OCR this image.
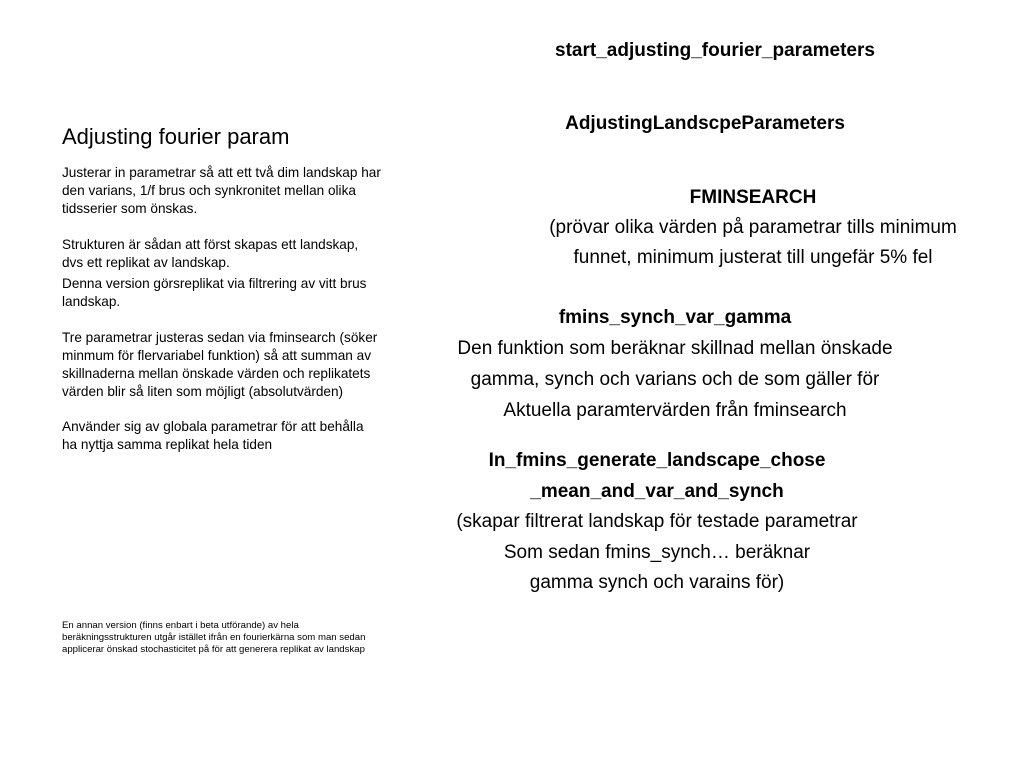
Adjusting fourier param

Justerar in parametrar så att ett två dim landskap har den varians, 1/f brus och synkronitet mellan olika tidsserier som önskas.

Strukturen är sådan att först skapas ett landskap, dvs ett replikat av landskap.

Denna version görsreplikat via filtrering av vitt brus landskap.

Tre parametrar justeras sedan via fminsearch (söker minmum för flervariabel funktion) så att summan av skillnaderna mellan önskade värden och replikatets värden blir så liten som möjligt (absolutvärden)

Använder sig av globala parametrar för att behålla ha nyttja samma replikat hela tiden

En annan version (finns enbart i beta utförande) av hela beräkningsstrukturen utgår istället ifrån en fourierkärna som man sedan applicerar önskad stochasticitet på för att generera replikat av landskap
start_adjusting_fourier_parameters
AdjustingLandscpeParameters
FMINSEARCH
(prövar olika värden på parametrar tills minimum
funnet, minimum justerat till ungefär 5% fel
fmins_synch_var_gamma
Den funktion som beräknar skillnad mellan önskade
gamma, synch och varians och de som gäller för
Aktuella paramtervärden från fminsearch
In_fmins_generate_landscape_chose
_mean_and_var_and_synch
(skapar filtrerat landskap för testade parametrar
Som sedan fmins_synch… beräknar
gamma synch och varains för)
